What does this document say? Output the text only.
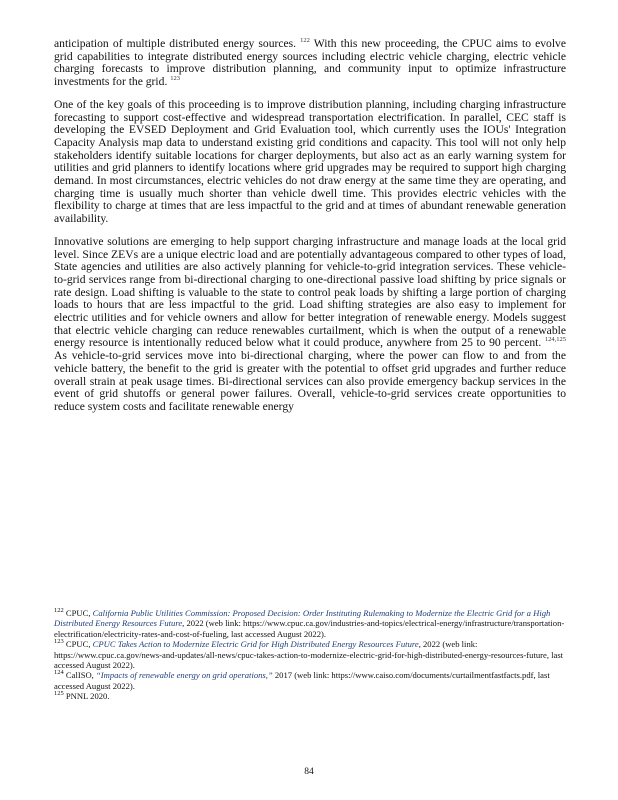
anticipation of multiple distributed energy sources. $^{122}$ With this new proceeding, the CPUC aims to evolve grid capabilities to integrate distributed energy sources including electric vehicle charging, electric vehicle charging forecasts to improve distribution planning, and community input to optimize infrastructure investments for the grid. $^{123}$

One of the key goals of this proceeding is to improve distribution planning, including charging infrastructure forecasting to support cost-effective and widespread transportation electrification. In parallel, CEC staff is developing the EVSED Deployment and Grid Evaluation tool, which currently uses the IOUs' Integration Capacity Analysis map data to understand existing grid conditions and capacity. This tool will not only help stakeholders identify suitable locations for charger deployments, but also act as an early warning system for utilities and grid planners to identify locations where grid upgrades may be required to support high charging demand. In most circumstances, electric vehicles do not draw energy at the same time they are operating, and charging time is usually much shorter than vehicle dwell time. This provides electric vehicles with the flexibility to charge at times that are less impactful to the grid and at times of abundant renewable generation availability.

Innovative solutions are emerging to help support charging infrastructure and manage loads at the local grid level. Since ZEVs are a unique electric load and are potentially advantageous compared to other types of load, State agencies and utilities are also actively planning for vehicle-to-grid integration services. These vehicle-to-grid services range from bi-directional charging to one-directional passive load shifting by price signals or rate design. Load shifting is valuable to the state to control peak loads by shifting a large portion of charging loads to hours that are less impactful to the grid. Load shifting strategies are also easy to implement for electric utilities and for vehicle owners and allow for better integration of renewable energy. Models suggest that electric vehicle charging can reduce renewables curtailment, which is when the output of a renewable energy resource is intentionally reduced below what it could produce, anywhere from 25 to 90 percent. $^{124,125}$ As vehicle-to-grid services move into bi-directional charging, where the power can flow to and from the vehicle battery, the benefit to the grid is greater with the potential to offset grid upgrades and further reduce overall strain at peak usage times. Bi-directional services can also provide emergency backup services in the event of grid shutoffs or general power failures. Overall, vehicle-to-grid services create opportunities to reduce system costs and facilitate renewable energy

$^{122}$ CPUC, California Public Utilities Commission: Proposed Decision: Order Instituting Rulemaking to Modernize the Electric Grid for a High Distributed Energy Resources Future, 2022 (web link: https://www.cpuc.ca.gov/industries-and-topics/electrical-energy/infrastructure/transportation-electrification/electricity-rates-and-cost-of-fueling, last accessed August 2022).

$^{123}$ CPUC, CPUC Takes Action to Modernize Electric Grid for High Distributed Energy Resources Future, 2022 (web link: https://www.cpuc.ca.gov/news-and-updates/all-news/cpuc-takes-action-to-modernize-electric-grid-for-high-distributed-energy-resources-future, last accessed August 2022).

$^{124}$ CalISO, “Impacts of renewable energy on grid operations,” 2017 (web link: https://www.caiso.com/documents/curtailmentfastfacts.pdf, last accessed August 2022).

$^{125}$ PNNL 2020.

84
